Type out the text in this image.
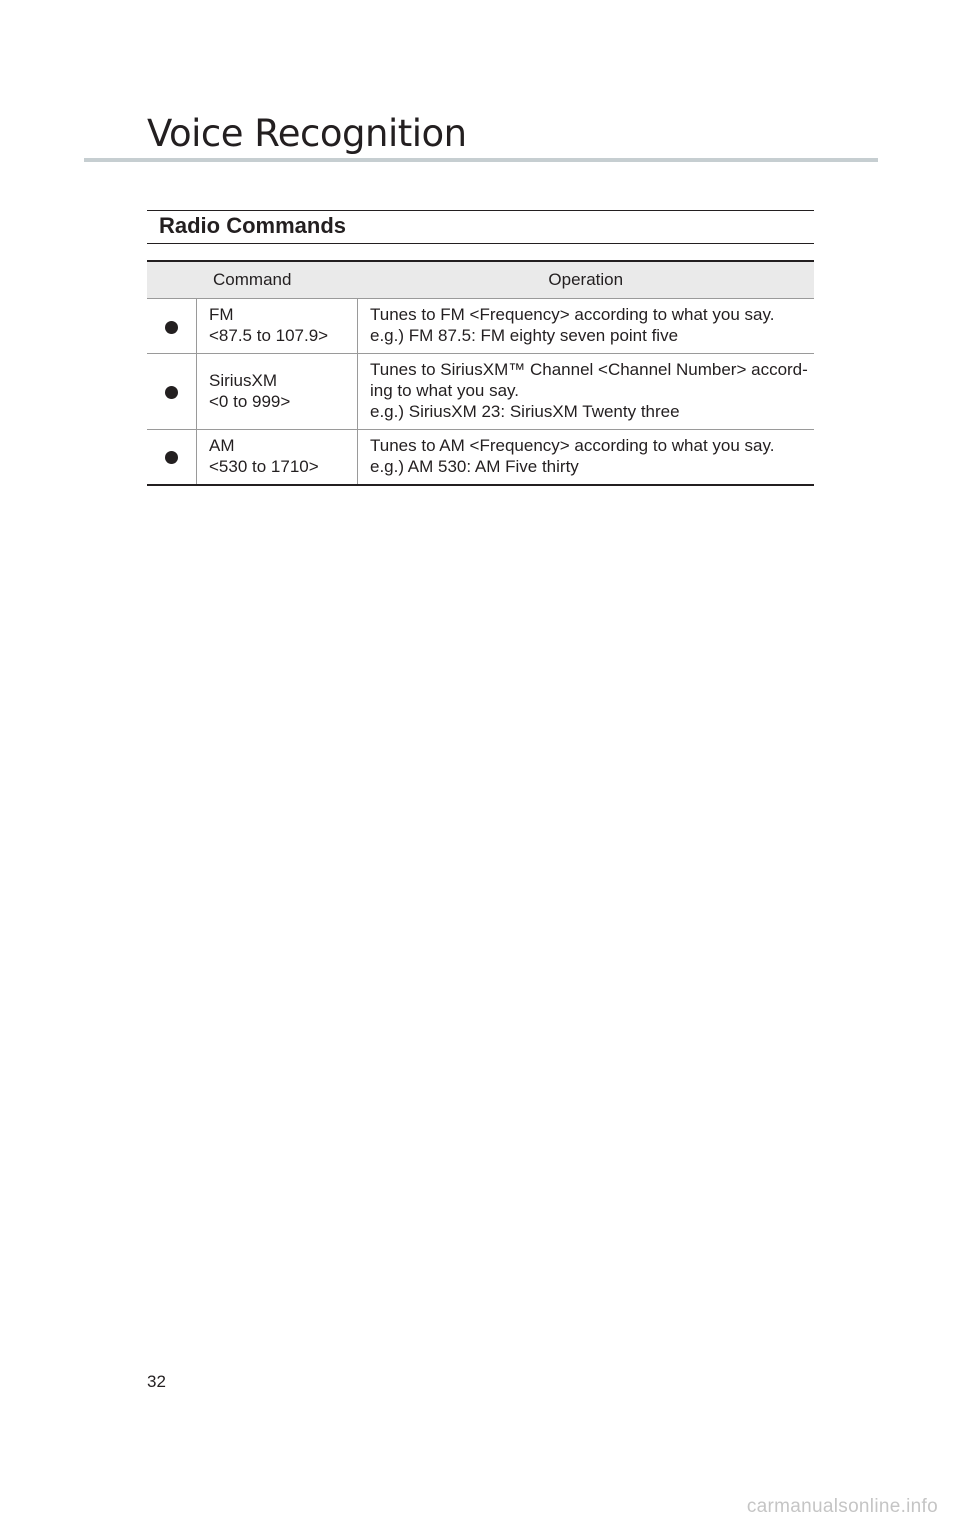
Voice Recognition
Radio Commands
Command		Operation

	FM
<87.5 to 107.9>	Tunes to FM <Frequency> according to what you say.
e.g.) FM 87.5: FM eighty seven point five

	SiriusXM
<0 to 999>	Tunes to SiriusXM™ Channel <Channel Number> accord-
ing to what you say.
e.g.) SiriusXM 23: SiriusXM Twenty three

	AM
<530 to 1710>	Tunes to AM <Frequency> according to what you say.
e.g.) AM 530: AM Five thirty
32
carmanualsonline.info
